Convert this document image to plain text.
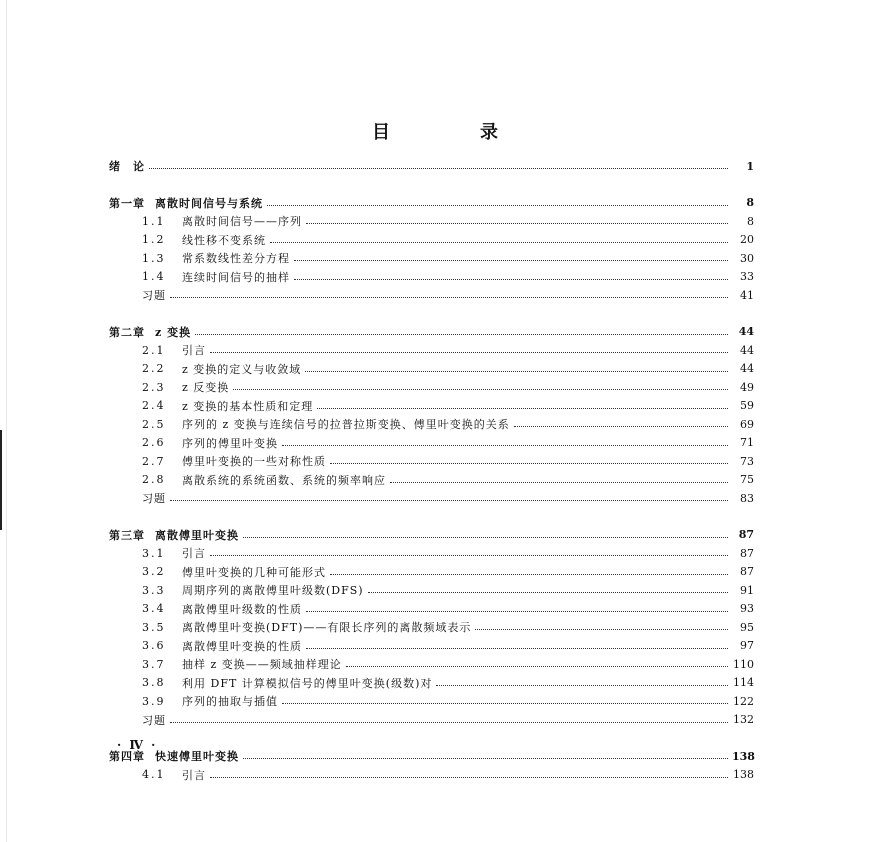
目　录
绪　论	1
第一章 离散时间信号与系统	8
1.1	离散时间信号——序列	8
1.2	线性移不变系统	20
1.3	常系数线性差分方程	30
1.4	连续时间信号的抽样	33
习题	41
第二章 z 变换	44
2.1	引言	44
2.2	z 变换的定义与收敛域	44
2.3	z 反变换	49
2.4	z 变换的基本性质和定理	59
2.5	序列的 z 变换与连续信号的拉普拉斯变换、傅里叶变换的关系	69
2.6	序列的傅里叶变换	71
2.7	傅里叶变换的一些对称性质	73
2.8	离散系统的系统函数、系统的频率响应	75
习题	83
第三章 离散傅里叶变换	87
3.1	引言	87
3.2	傅里叶变换的几种可能形式	87
3.3	周期序列的离散傅里叶级数(DFS)	91
3.4	离散傅里叶级数的性质	93
3.5	离散傅里叶变换(DFT)——有限长序列的离散频域表示	95
3.6	离散傅里叶变换的性质	97
3.7	抽样 z 变换——频域抽样理论	110
3.8	利用 DFT 计算模拟信号的傅里叶变换(级数)对	114
3.9	序列的抽取与插值	122
习题	132
第四章 快速傅里叶变换	138
4.1	引言	138
· Ⅳ ·
